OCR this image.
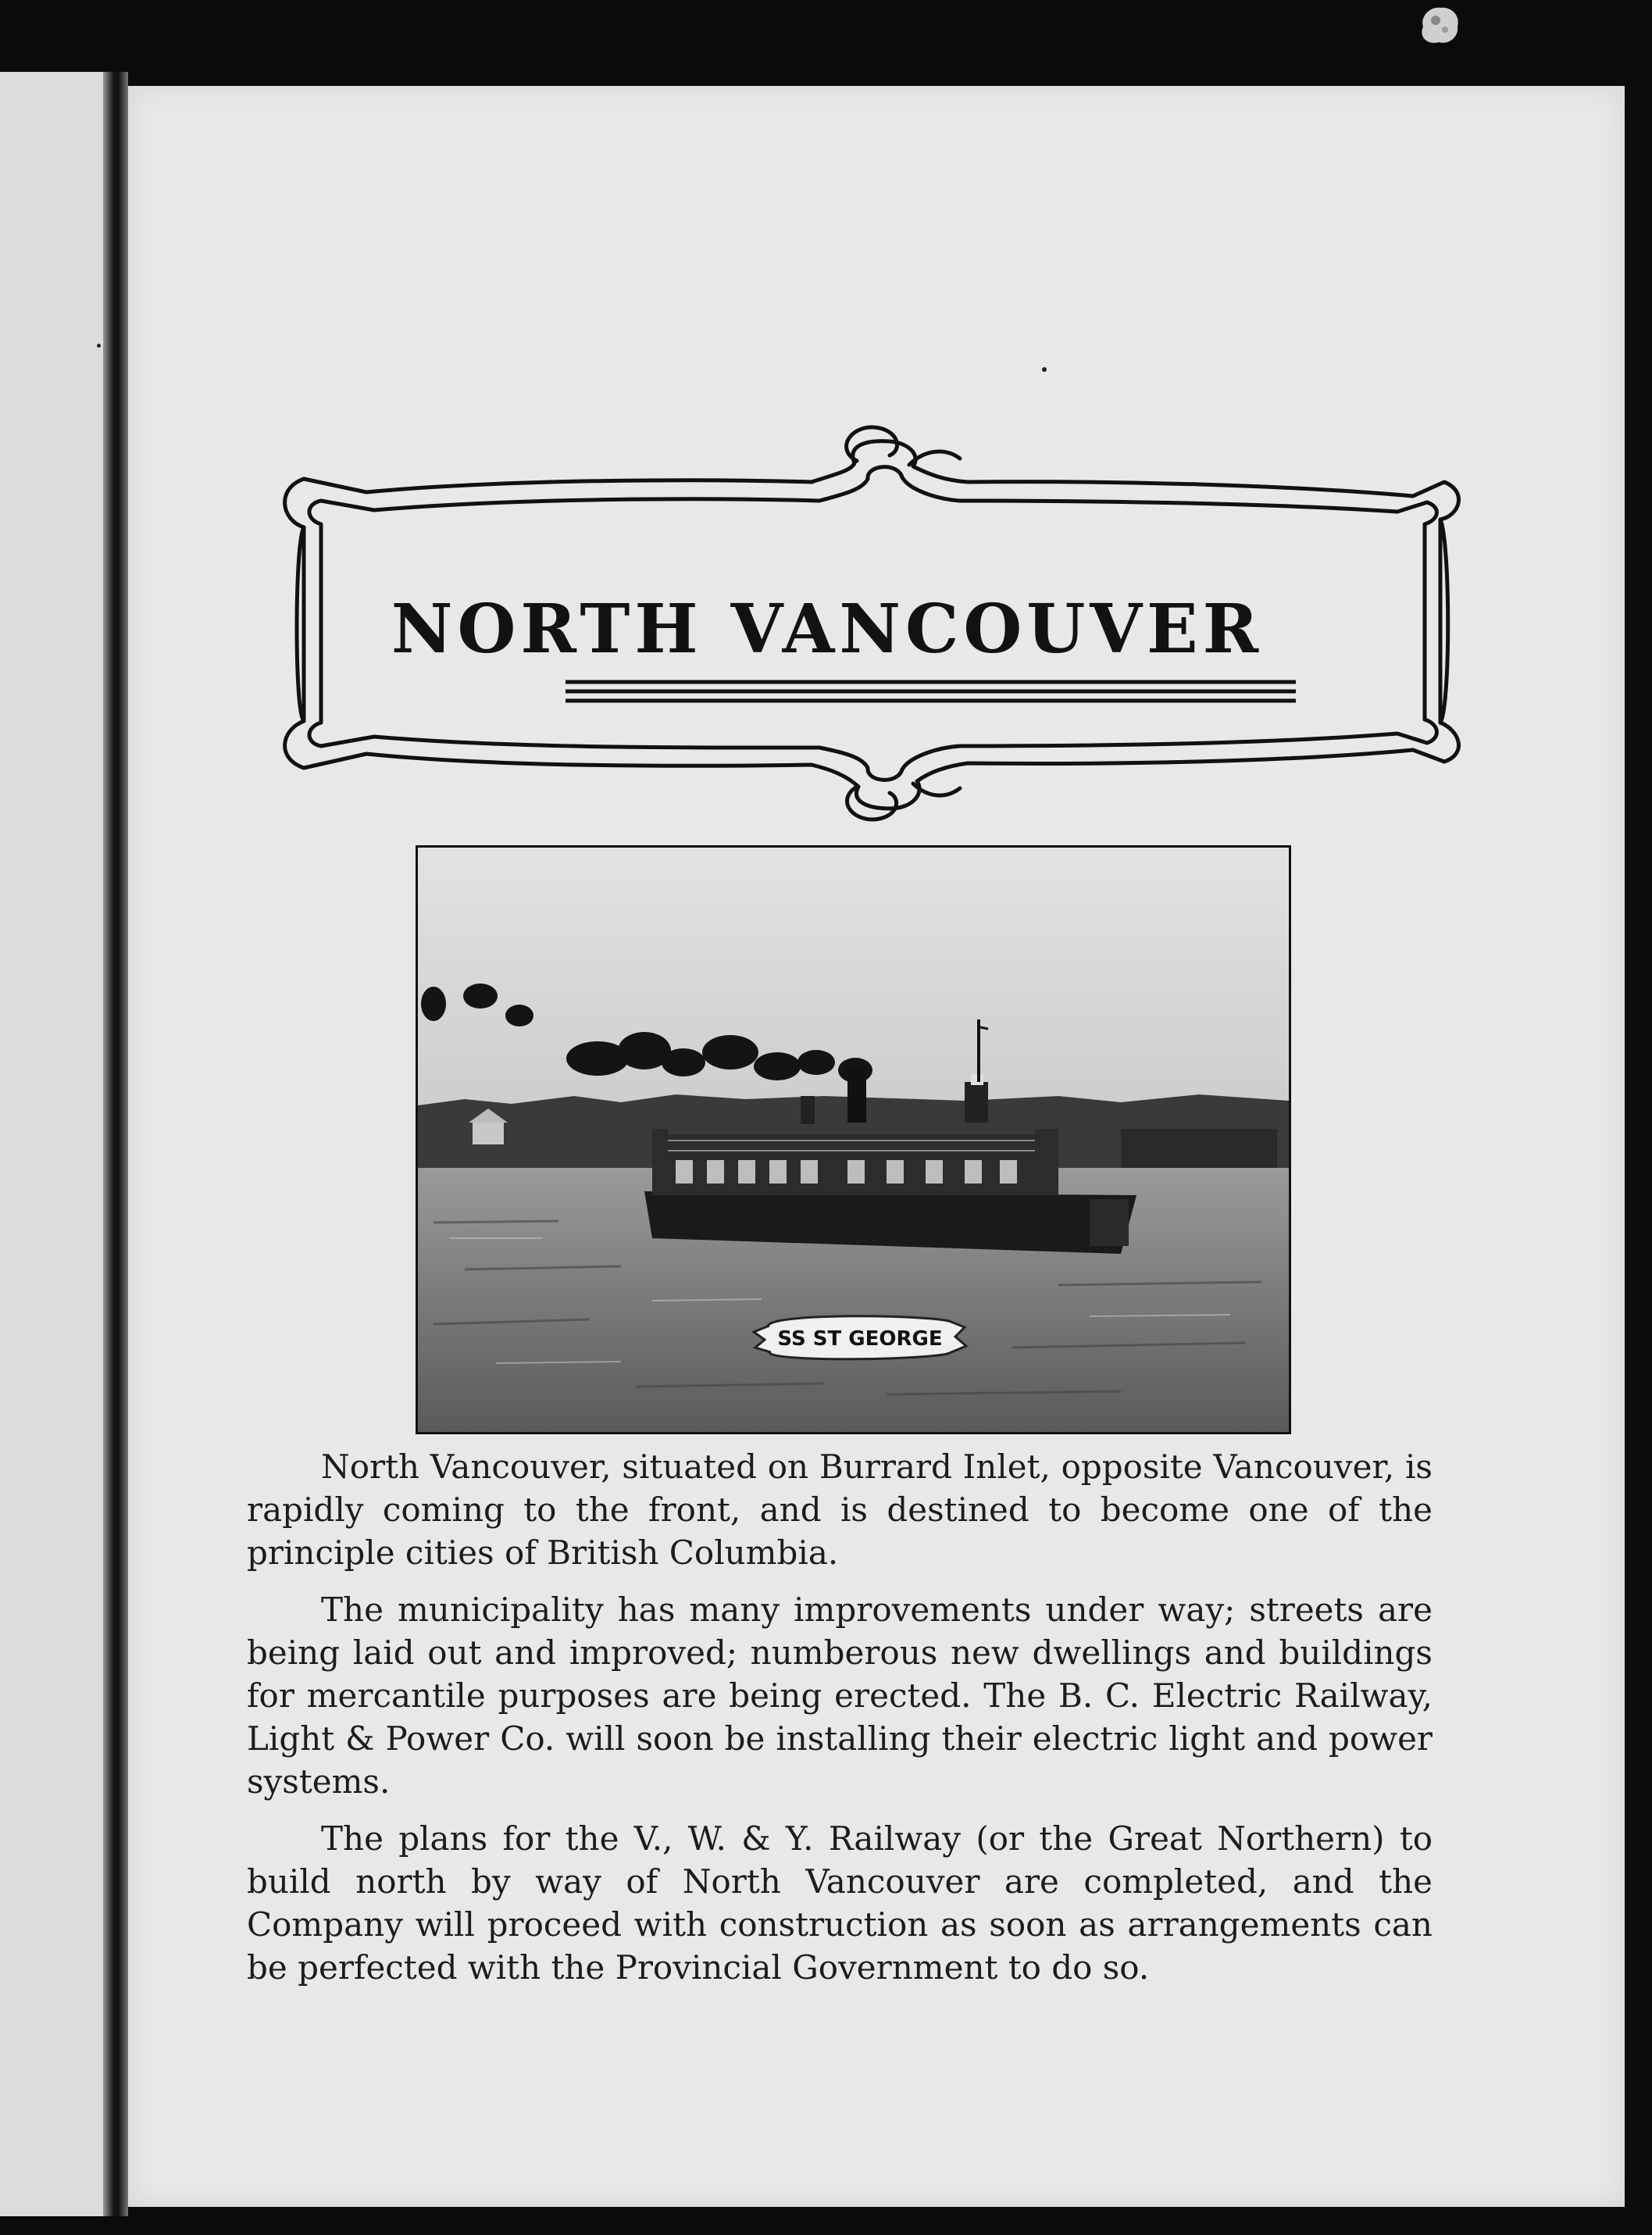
NORTH VANCOUVER
SS ST GEORGE

North Vancouver, situated on Burrard Inlet, opposite Vancouver, is rapidly coming to the front, and is destined to become one of the principle cities of British Columbia.

The municipality has many improvements under way; streets are being laid out and improved; numberous new dwellings and buildings for mercantile purposes are being erected. The B. C. Electric Railway, Light & Power Co. will soon be installing their electric light and power systems.

The plans for the V., W. & Y. Railway (or the Great Northern) to build north by way of North Vancouver are completed, and the Company will proceed with construction as soon as arrangements can be perfected with the Provincial Government to do so.
